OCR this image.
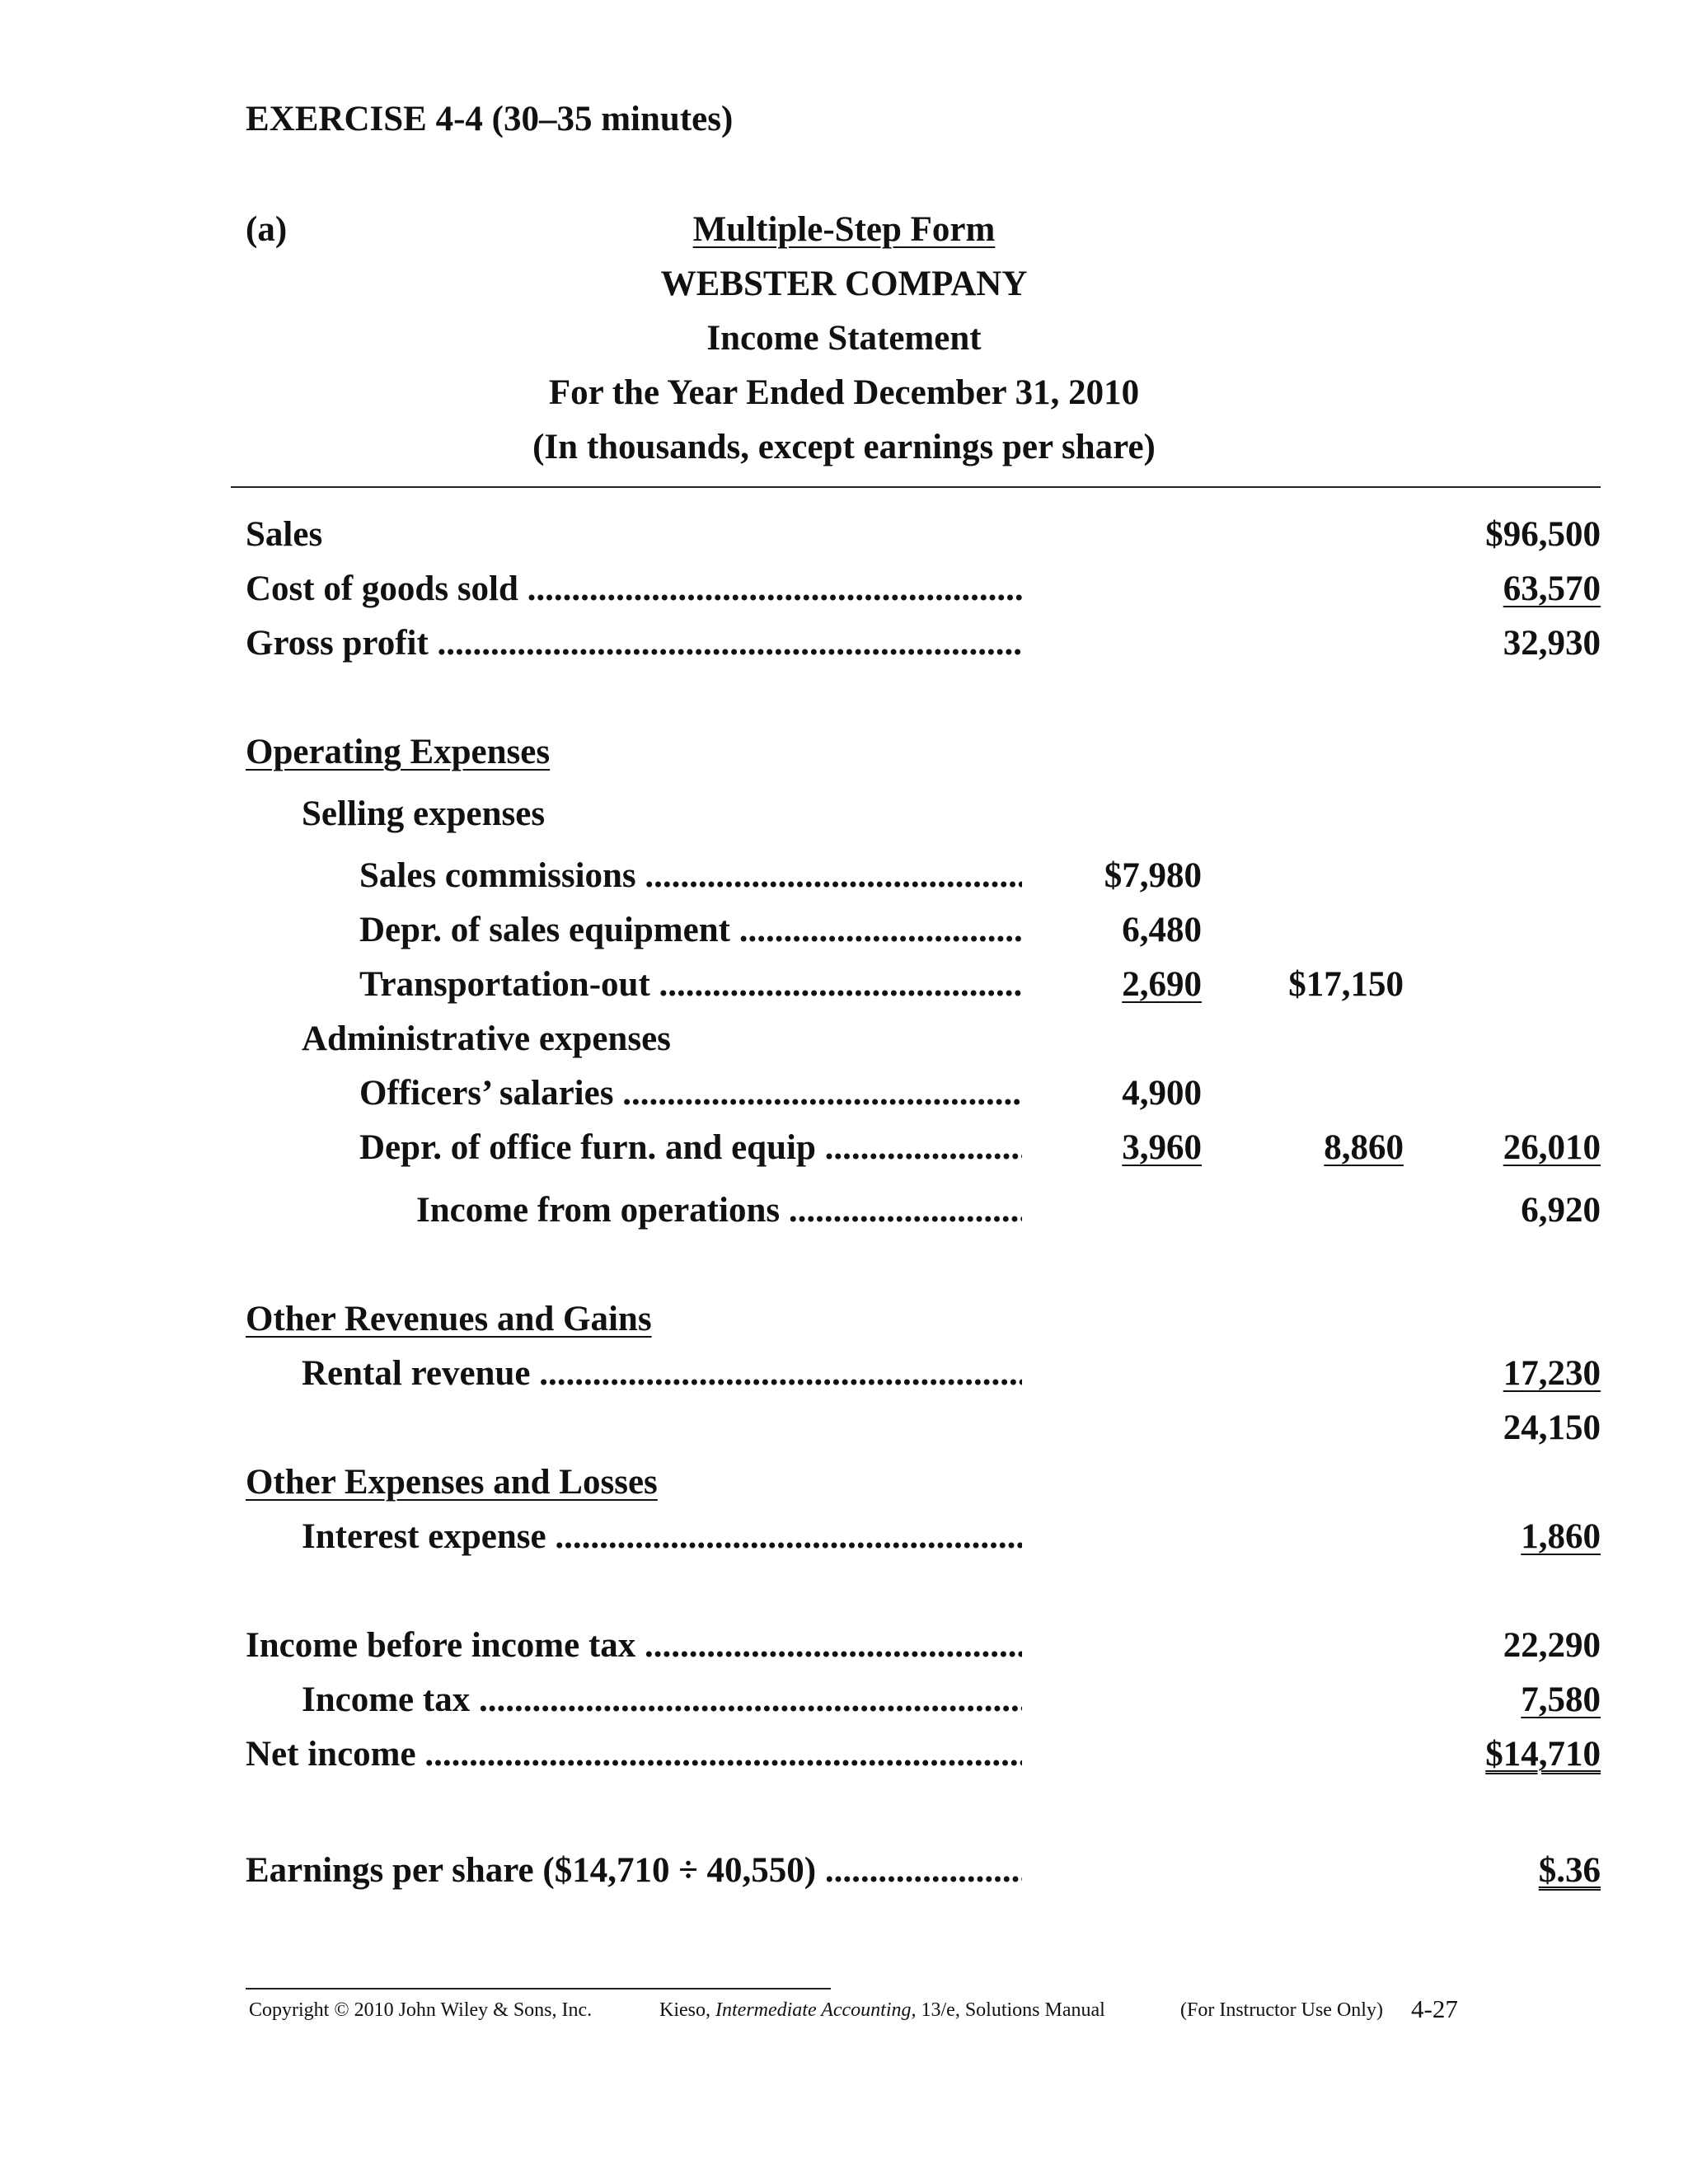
EXERCISE 4-4 (30–35 minutes)
(a)	Multiple-Step Form
WEBSTER COMPANY
Income Statement
For the Year Ended December 31, 2010
(In thousands, except earnings per share)
Sales	$96,500
Cost of goods sold .....	63,570
Gross profit .....	32,930
Operating Expenses
Selling expenses
Sales commissions .....	$7,980
Depr. of sales equipment .....	6,480
Transportation-out .....	2,690 $17,150
Administrative expenses
Officers’ salaries .....	4,900
Depr. of office furn. and equip .....	3,960	8,860	26,010
Income from operations .....	6,920
Other Revenues and Gains
Rental revenue .....	17,230
24,150
Other Expenses and Losses
Interest expense .....	1,860
Income before income tax .....	22,290
Income tax .....	7,580
Net income .....	$14,710
Earnings per share ($14,710 ÷ 40,550) .....	$.36
Copyright © 2010 John Wiley & Sons, Inc.	Kieso, Intermediate Accounting, 13/e, Solutions Manual	(For Instructor Use Only) 4-27
